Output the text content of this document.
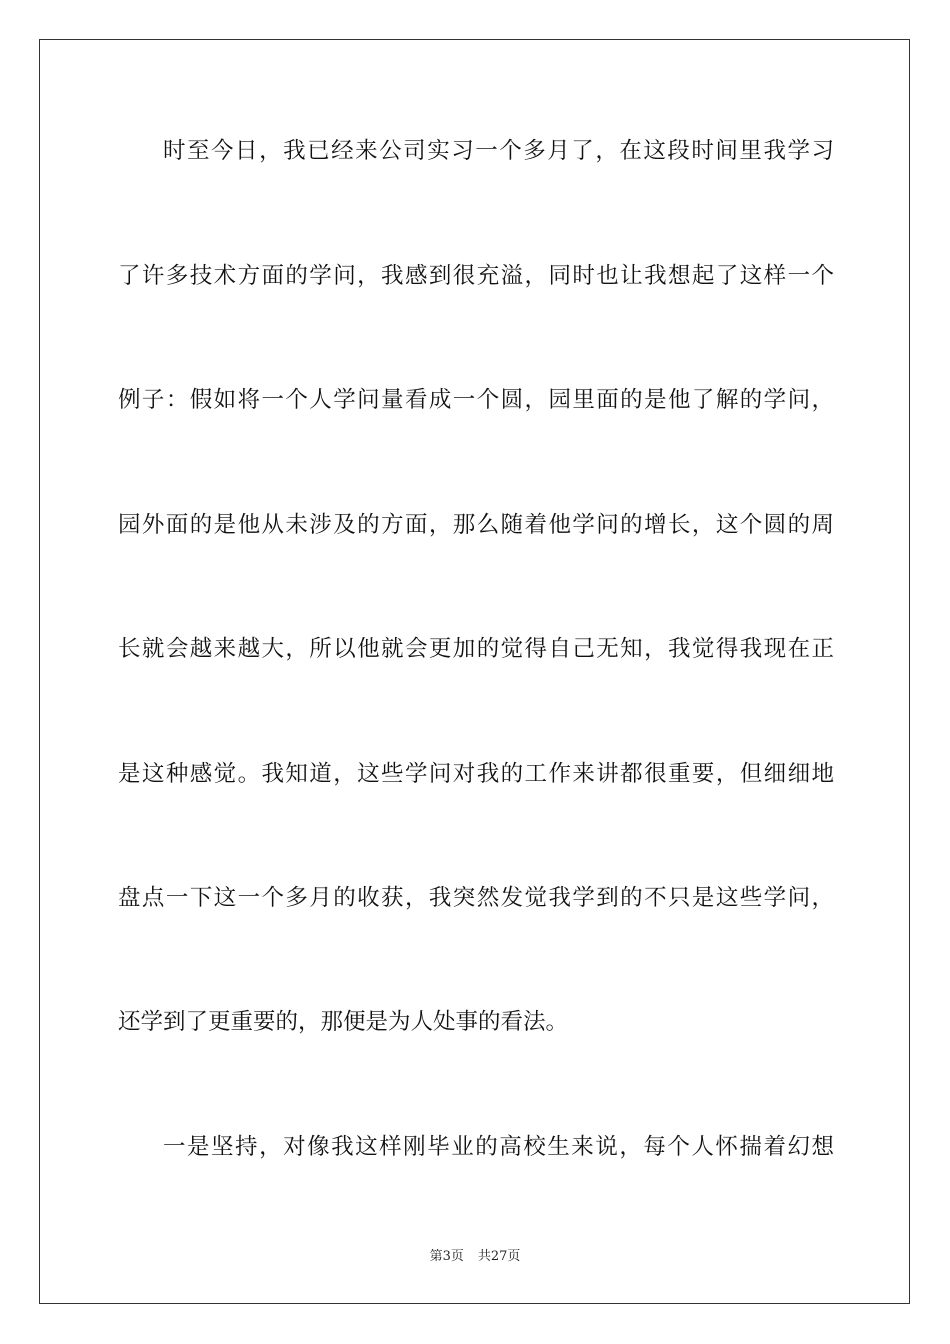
时至今日，我已经来公司实习一个多月了，在这段时间里我学习
了许多技术方面的学问，我感到很充溢，同时也让我想起了这样一个
例子：假如将一个人学问量看成一个圆，园里面的是他了解的学问，
园外面的是他从未涉及的方面，那么随着他学问的增长，这个圆的周
长就会越来越大，所以他就会更加的觉得自己无知，我觉得我现在正
是这种感觉。我知道，这些学问对我的工作来讲都很重要，但细细地
盘点一下这一个多月的收获，我突然发觉我学到的不只是这些学问，
还学到了更重要的，那便是为人处事的看法。
一是坚持，对像我这样刚毕业的高校生来说，每个人怀揣着幻想
第3页 共27页
